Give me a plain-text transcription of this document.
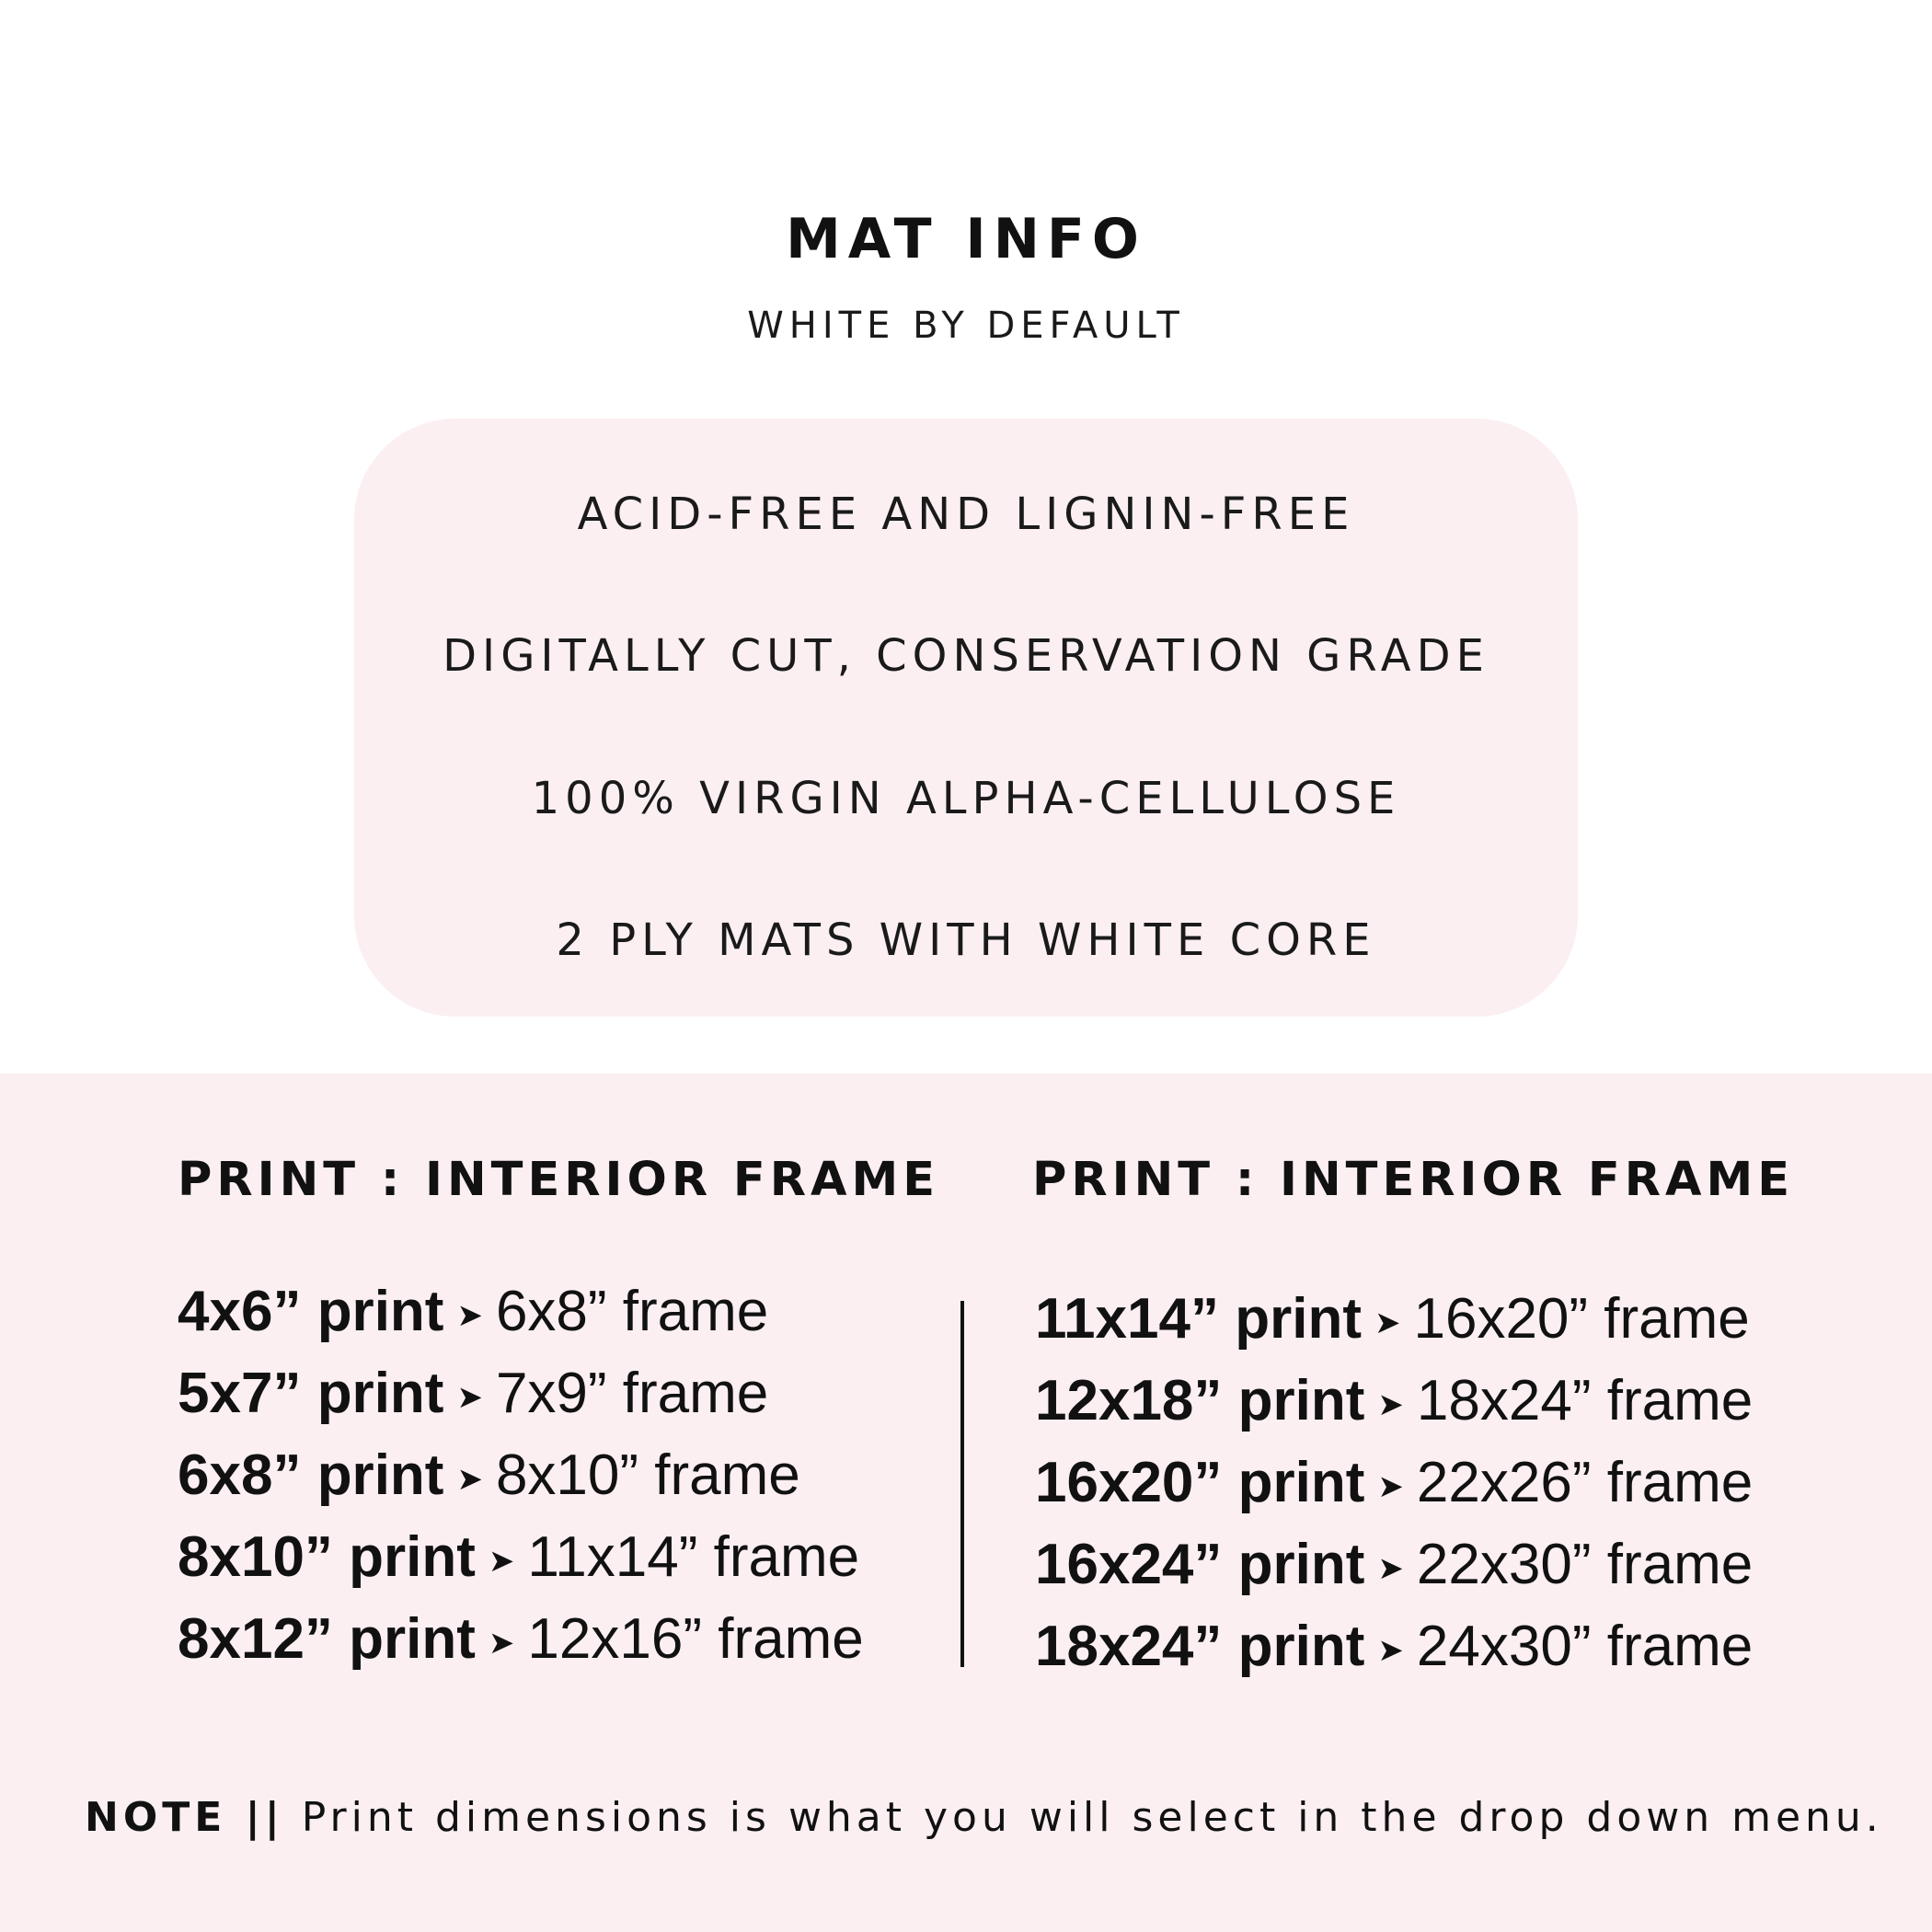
MAT INFO
WHITE BY DEFAULT
ACID-FREE AND LIGNIN-FREE
DIGITALLY CUT, CONSERVATION GRADE
100% VIRGIN ALPHA-CELLULOSE
2 PLY MATS WITH WHITE CORE
PRINT : INTERIOR FRAME PRINT : INTERIOR FRAME
4x6” print ➤ 6x8” frame
5x7” print ➤ 7x9” frame
6x8” print ➤ 8x10” frame
8x10” print ➤ 11x14” frame
8x12” print ➤ 12x16” frame
11x14” print ➤ 16x20” frame
12x18” print ➤ 18x24” frame
16x20” print ➤ 22x26” frame
16x24” print ➤ 22x30” frame
18x24” print ➤ 24x30” frame
NOTE || Print dimensions is what you will select in the drop down menu.
